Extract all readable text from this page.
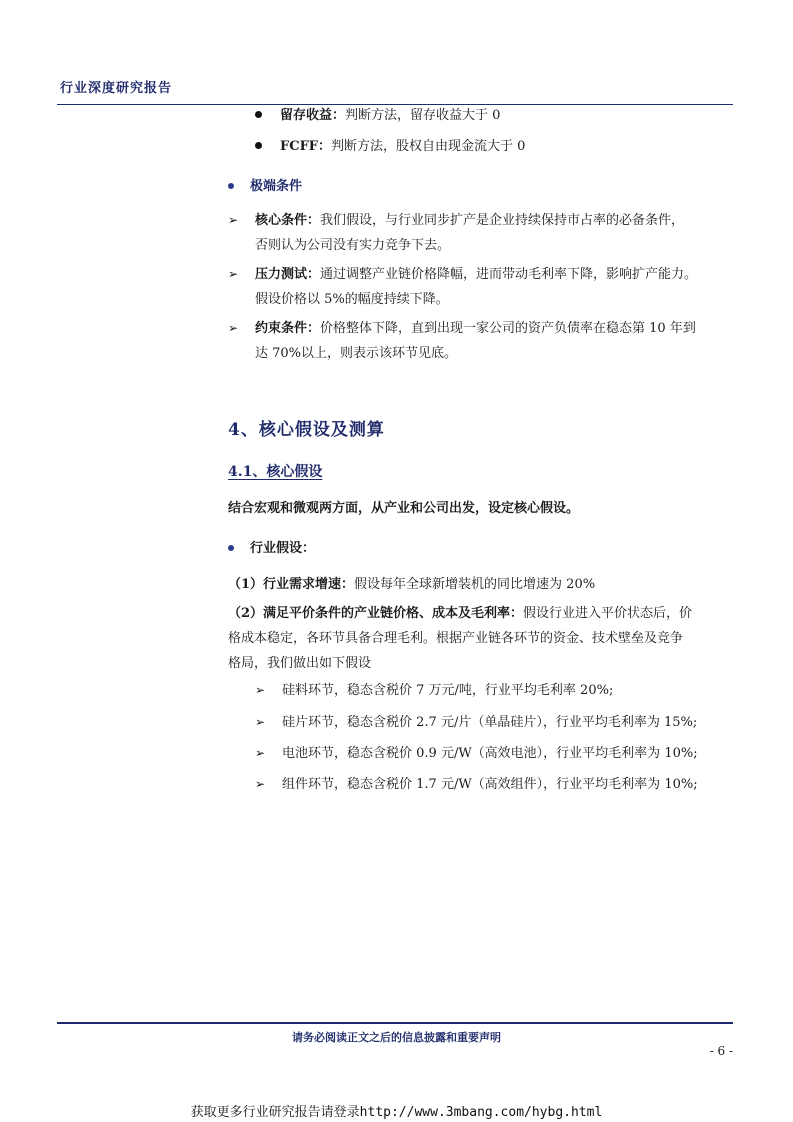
行业深度研究报告
留存收益：判断方法，留存收益大于 0
FCFF：判断方法，股权自由现金流大于 0
极端条件
➢ 核心条件：我们假设，与行业同步扩产是企业持续保持市占率的必备条件，
否则认为公司没有实力竞争下去。
➢ 压力测试：通过调整产业链价格降幅，进而带动毛利率下降，影响扩产能力。
假设价格以 5%的幅度持续下降。
➢ 约束条件：价格整体下降，直到出现一家公司的资产负债率在稳态第 10 年到
达 70%以上，则表示该环节见底。
4、核心假设及测算
4.1、核心假设
结合宏观和微观两方面，从产业和公司出发，设定核心假设。
行业假设：
（1）行业需求增速：假设每年全球新增装机的同比增速为 20%
（2）满足平价条件的产业链价格、成本及毛利率：假设行业进入平价状态后，价
格成本稳定，各环节具备合理毛利。根据产业链各环节的资金、技术壁垒及竞争
格局，我们做出如下假设
➢ 硅料环节，稳态含税价 7 万元/吨，行业平均毛利率 20%;
➢ 硅片环节，稳态含税价 2.7 元/片（单晶硅片），行业平均毛利率为 15%;
➢ 电池环节，稳态含税价 0.9 元/W（高效电池），行业平均毛利率为 10%;
➢ 组件环节，稳态含税价 1.7 元/W（高效组件），行业平均毛利率为 10%;
请务必阅读正文之后的信息披露和重要声明
- 6 -
获取更多行业研究报告请登录http://www.3mbang.com/hybg.html
